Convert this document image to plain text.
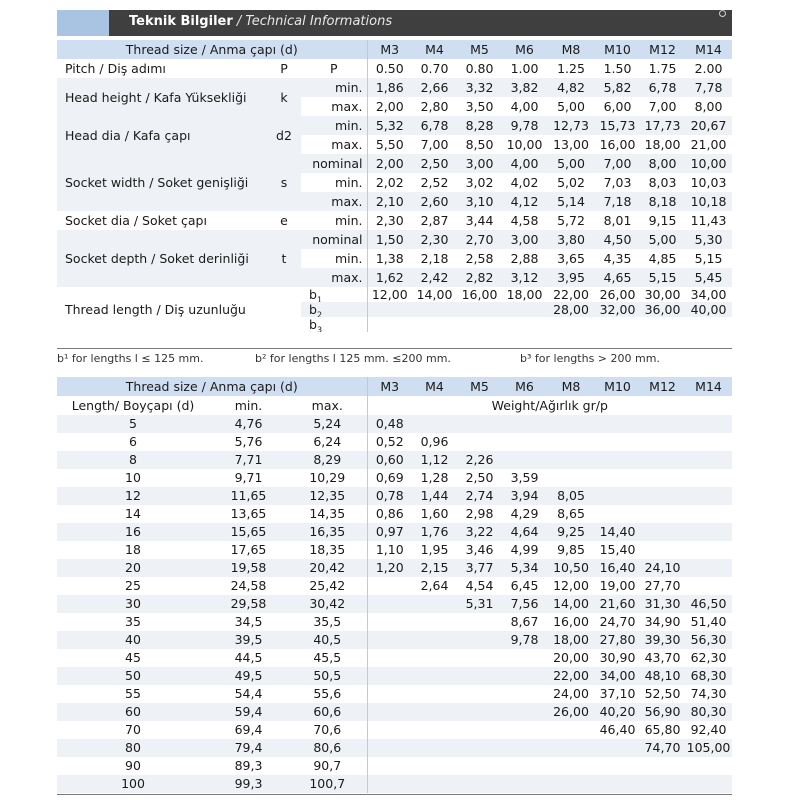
Teknik Bilgiler / Technical Informations
Thread size / Anma çapı (d)			M3	M4	M5	M6	M8	M10	M12	M14
Pitch / Diş adımı	P	P	0.50	0.70	0.80	1.00	1.25	1.50	1.75	2.00
Head height / Kafa Yüksekliği	k	min.	1,86	2,66	3,32	3,82	4,82	5,82	6,78	7,78
		max.	2,00	2,80	3,50	4,00	5,00	6,00	7,00	8,00
Head dia / Kafa çapı	d2	min.	5,32	6,78	8,28	9,78	12,73	15,73	17,73	20,67
		max.	5,50	7,00	8,50	10,00	13,00	16,00	18,00	21,00
Socket width / Soket genişliği	s	nominal	2,00	2,50	3,00	4,00	5,00	7,00	8,00	10,00
		min.	2,02	2,52	3,02	4,02	5,02	7,03	8,03	10,03
		max.	2,10	2,60	3,10	4,12	5,14	7,18	8,18	10,18
Socket dia / Soket çapı	e	min.	2,30	2,87	3,44	4,58	5,72	8,01	9,15	11,43
Socket depth / Soket derinliği	t	nominal	1,50	2,30	2,70	3,00	3,80	4,50	5,00	5,30
		min.	1,38	2,18	2,58	2,88	3,65	4,35	4,85	5,15
		max.	1,62	2,42	2,82	3,12	3,95	4,65	5,15	5,45
Thread length / Diş uzunluğu		$b_1$	12,00	14,00	16,00	18,00	22,00	26,00	30,00	34,00
		$b_2$					28,00	32,00	36,00	40,00
		$b_3$								
b¹ for lengths l ≤ 125 mm.	b² for lengths l 125 mm. ≤200 mm.	b³ for lengths > 200 mm.
Thread size / Anma çapı (d)			M3	M4	M5	M6	M8	M10	M12	M14
Length/ Boyçapı (d)	min.	max.	Weight/Ağırlık gr/p							
5	4,76	5,24	0,48							
6	5,76	6,24	0,52	0,96						
8	7,71	8,29	0,60	1,12	2,26					
10	9,71	10,29	0,69	1,28	2,50	3,59				
12	11,65	12,35	0,78	1,44	2,74	3,94	8,05			
14	13,65	14,35	0,86	1,60	2,98	4,29	8,65			
16	15,65	16,35	0,97	1,76	3,22	4,64	9,25	14,40		
18	17,65	18,35	1,10	1,95	3,46	4,99	9,85	15,40		
20	19,58	20,42	1,20	2,15	3,77	5,34	10,50	16,40	24,10	
25	24,58	25,42		2,64	4,54	6,45	12,00	19,00	27,70	
30	29,58	30,42			5,31	7,56	14,00	21,60	31,30	46,50
35	34,5	35,5				8,67	16,00	24,70	34,90	51,40
40	39,5	40,5				9,78	18,00	27,80	39,30	56,30
45	44,5	45,5					20,00	30,90	43,70	62,30
50	49,5	50,5					22,00	34,00	48,10	68,30
55	54,4	55,6					24,00	37,10	52,50	74,30
60	59,4	60,6					26,00	40,20	56,90	80,30
70	69,4	70,6						46,40	65,80	92,40
80	79,4	80,6							74,70	105,00
90	89,3	90,7								
100	99,3	100,7								
